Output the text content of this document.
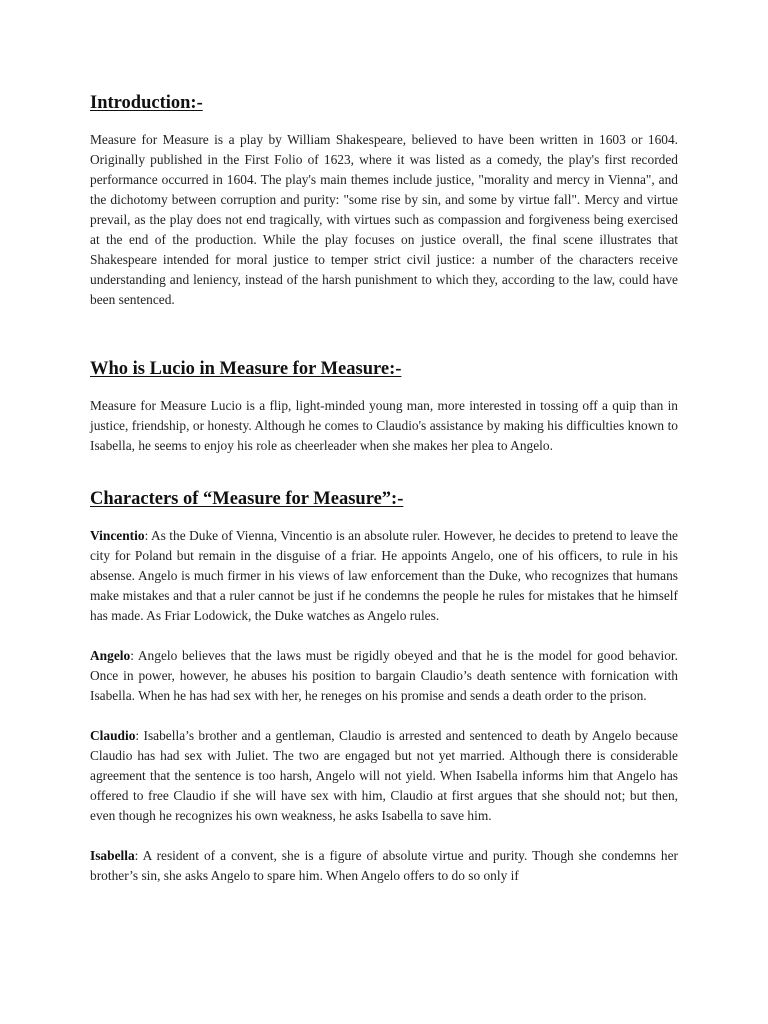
Introduction:-

Measure for Measure is a play by William Shakespeare, believed to have been written in 1603 or 1604. Originally published in the First Folio of 1623, where it was listed as a comedy, the play's first recorded performance occurred in 1604. The play's main themes include justice, "morality and mercy in Vienna", and the dichotomy between corruption and purity: "some rise by sin, and some by virtue fall". Mercy and virtue prevail, as the play does not end tragically, with virtues such as compassion and forgiveness being exercised at the end of the production. While the play focuses on justice overall, the final scene illustrates that Shakespeare intended for moral justice to temper strict civil justice: a number of the characters receive understanding and leniency, instead of the harsh punishment to which they, according to the law, could have been sentenced.

Who is Lucio in Measure for Measure:-

Measure for Measure Lucio is a flip, light-minded young man, more interested in tossing off a quip than in justice, friendship, or honesty. Although he comes to Claudio's assistance by making his difficulties known to Isabella, he seems to enjoy his role as cheerleader when she makes her plea to Angelo.

Characters of “Measure for Measure”:-

Vincentio: As the Duke of Vienna, Vincentio is an absolute ruler. However, he decides to pretend to leave the city for Poland but remain in the disguise of a friar. He appoints Angelo, one of his officers, to rule in his absense. Angelo is much firmer in his views of law enforcement than the Duke, who recognizes that humans make mistakes and that a ruler cannot be just if he condemns the people he rules for mistakes that he himself has made. As Friar Lodowick, the Duke watches as Angelo rules.

Angelo: Angelo believes that the laws must be rigidly obeyed and that he is the model for good behavior. Once in power, however, he abuses his position to bargain Claudio’s death sentence with fornication with Isabella. When he has had sex with her, he reneges on his promise and sends a death order to the prison.

Claudio: Isabella’s brother and a gentleman, Claudio is arrested and sentenced to death by Angelo because Claudio has had sex with Juliet. The two are engaged but not yet married. Although there is considerable agreement that the sentence is too harsh, Angelo will not yield. When Isabella informs him that Angelo has offered to free Claudio if she will have sex with him, Claudio at first argues that she should not; but then, even though he recognizes his own weakness, he asks Isabella to save him.

Isabella: A resident of a convent, she is a figure of absolute virtue and purity. Though she condemns her brother’s sin, she asks Angelo to spare him. When Angelo offers to do so only if
